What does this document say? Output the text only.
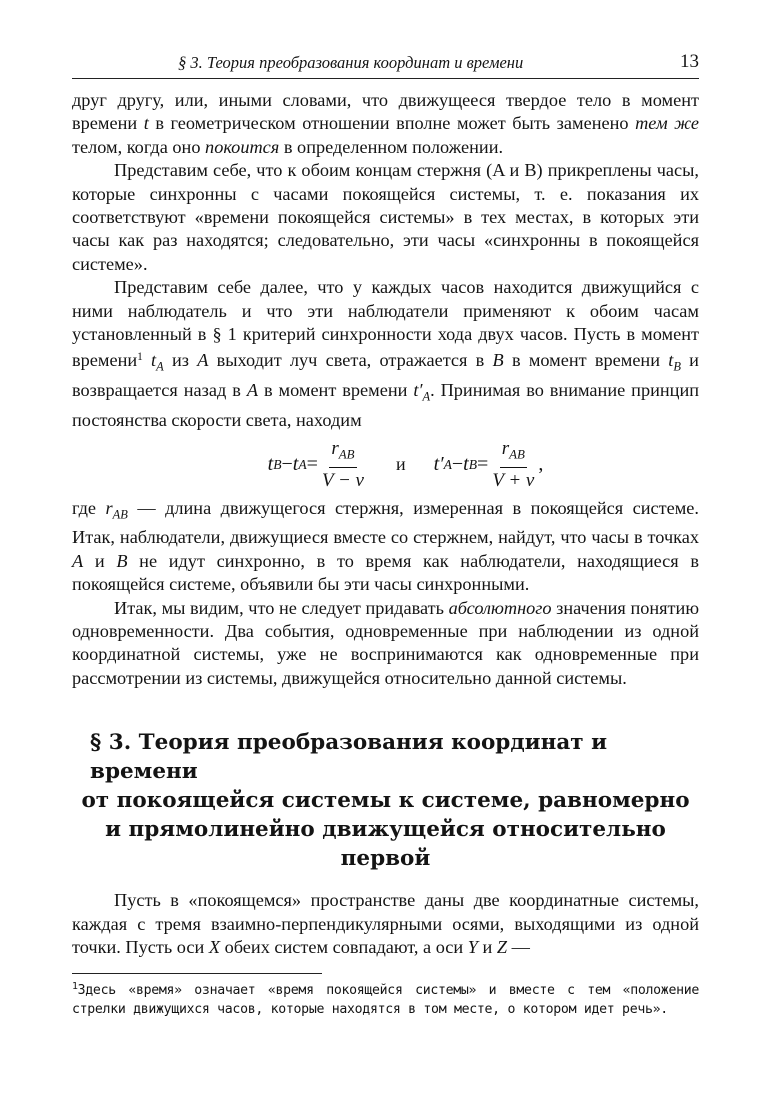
§ 3. Теория преобразования координат и времени	13

друг другу, или, иными словами, что движущееся твердое тело в момент времени t в геометрическом отношении вполне может быть заменено тем же телом, когда оно покоится в определенном положении.

Представим себе, что к обоим концам стержня (A и B) прикреплены часы, которые синхронны с часами покоящейся системы, т. е. показания их соответствуют «времени покоящейся системы» в тех местах, в которых эти часы как раз находятся; следовательно, эти часы «синхронны в покоящейся системе».

Представим себе далее, что у каждых часов находится движущийся с ними наблюдатель и что эти наблюдатели применяют к обоим часам установленный в § 1 критерий синхронности хода двух часов. Пусть в момент времени$^1$ $t_A$ из A выходит луч света, отражается в B в момент времени $t_B$ и возвращается назад в A в момент времени $t'_A$. Принимая во внимание принцип постоянства скорости света, находим

t B − t $A = \frac{r_{AB}}{V - v}$ и t ′ A − t $B = \frac{r_{AB}}{V + v}$ ,

где $r_{AB}$ — длина движущегося стержня, измеренная в покоящейся системе. Итак, наблюдатели, движущиеся вместе со стержнем, найдут, что часы в точках A и B не идут синхронно, в то время как наблюдатели, находящиеся в покоящейся системе, объявили бы эти часы синхронными.

Итак, мы видим, что не следует придавать абсолютного значения понятию одновременности. Два события, одновременные при наблюдении из одной координатной системы, уже не воспринимаются как одновременные при рассмотрении из системы, движущейся относительно данной системы.

§ 3. Теория преобразования координат и времени
от покоящейся системы к системе, равномерно
и прямолинейно движущейся относительно
первой

Пусть в «покоящемся» пространстве даны две координатные системы, каждая с тремя взаимно-перпендикулярными осями, выходящими из одной точки. Пусть оси X обеих систем совпадают, а оси Y и Z —

$^1$Здесь «время» означает «время покоящейся системы» и вместе с тем «положение стрелки движущихся часов, которые находятся в том месте, о котором идет речь».
